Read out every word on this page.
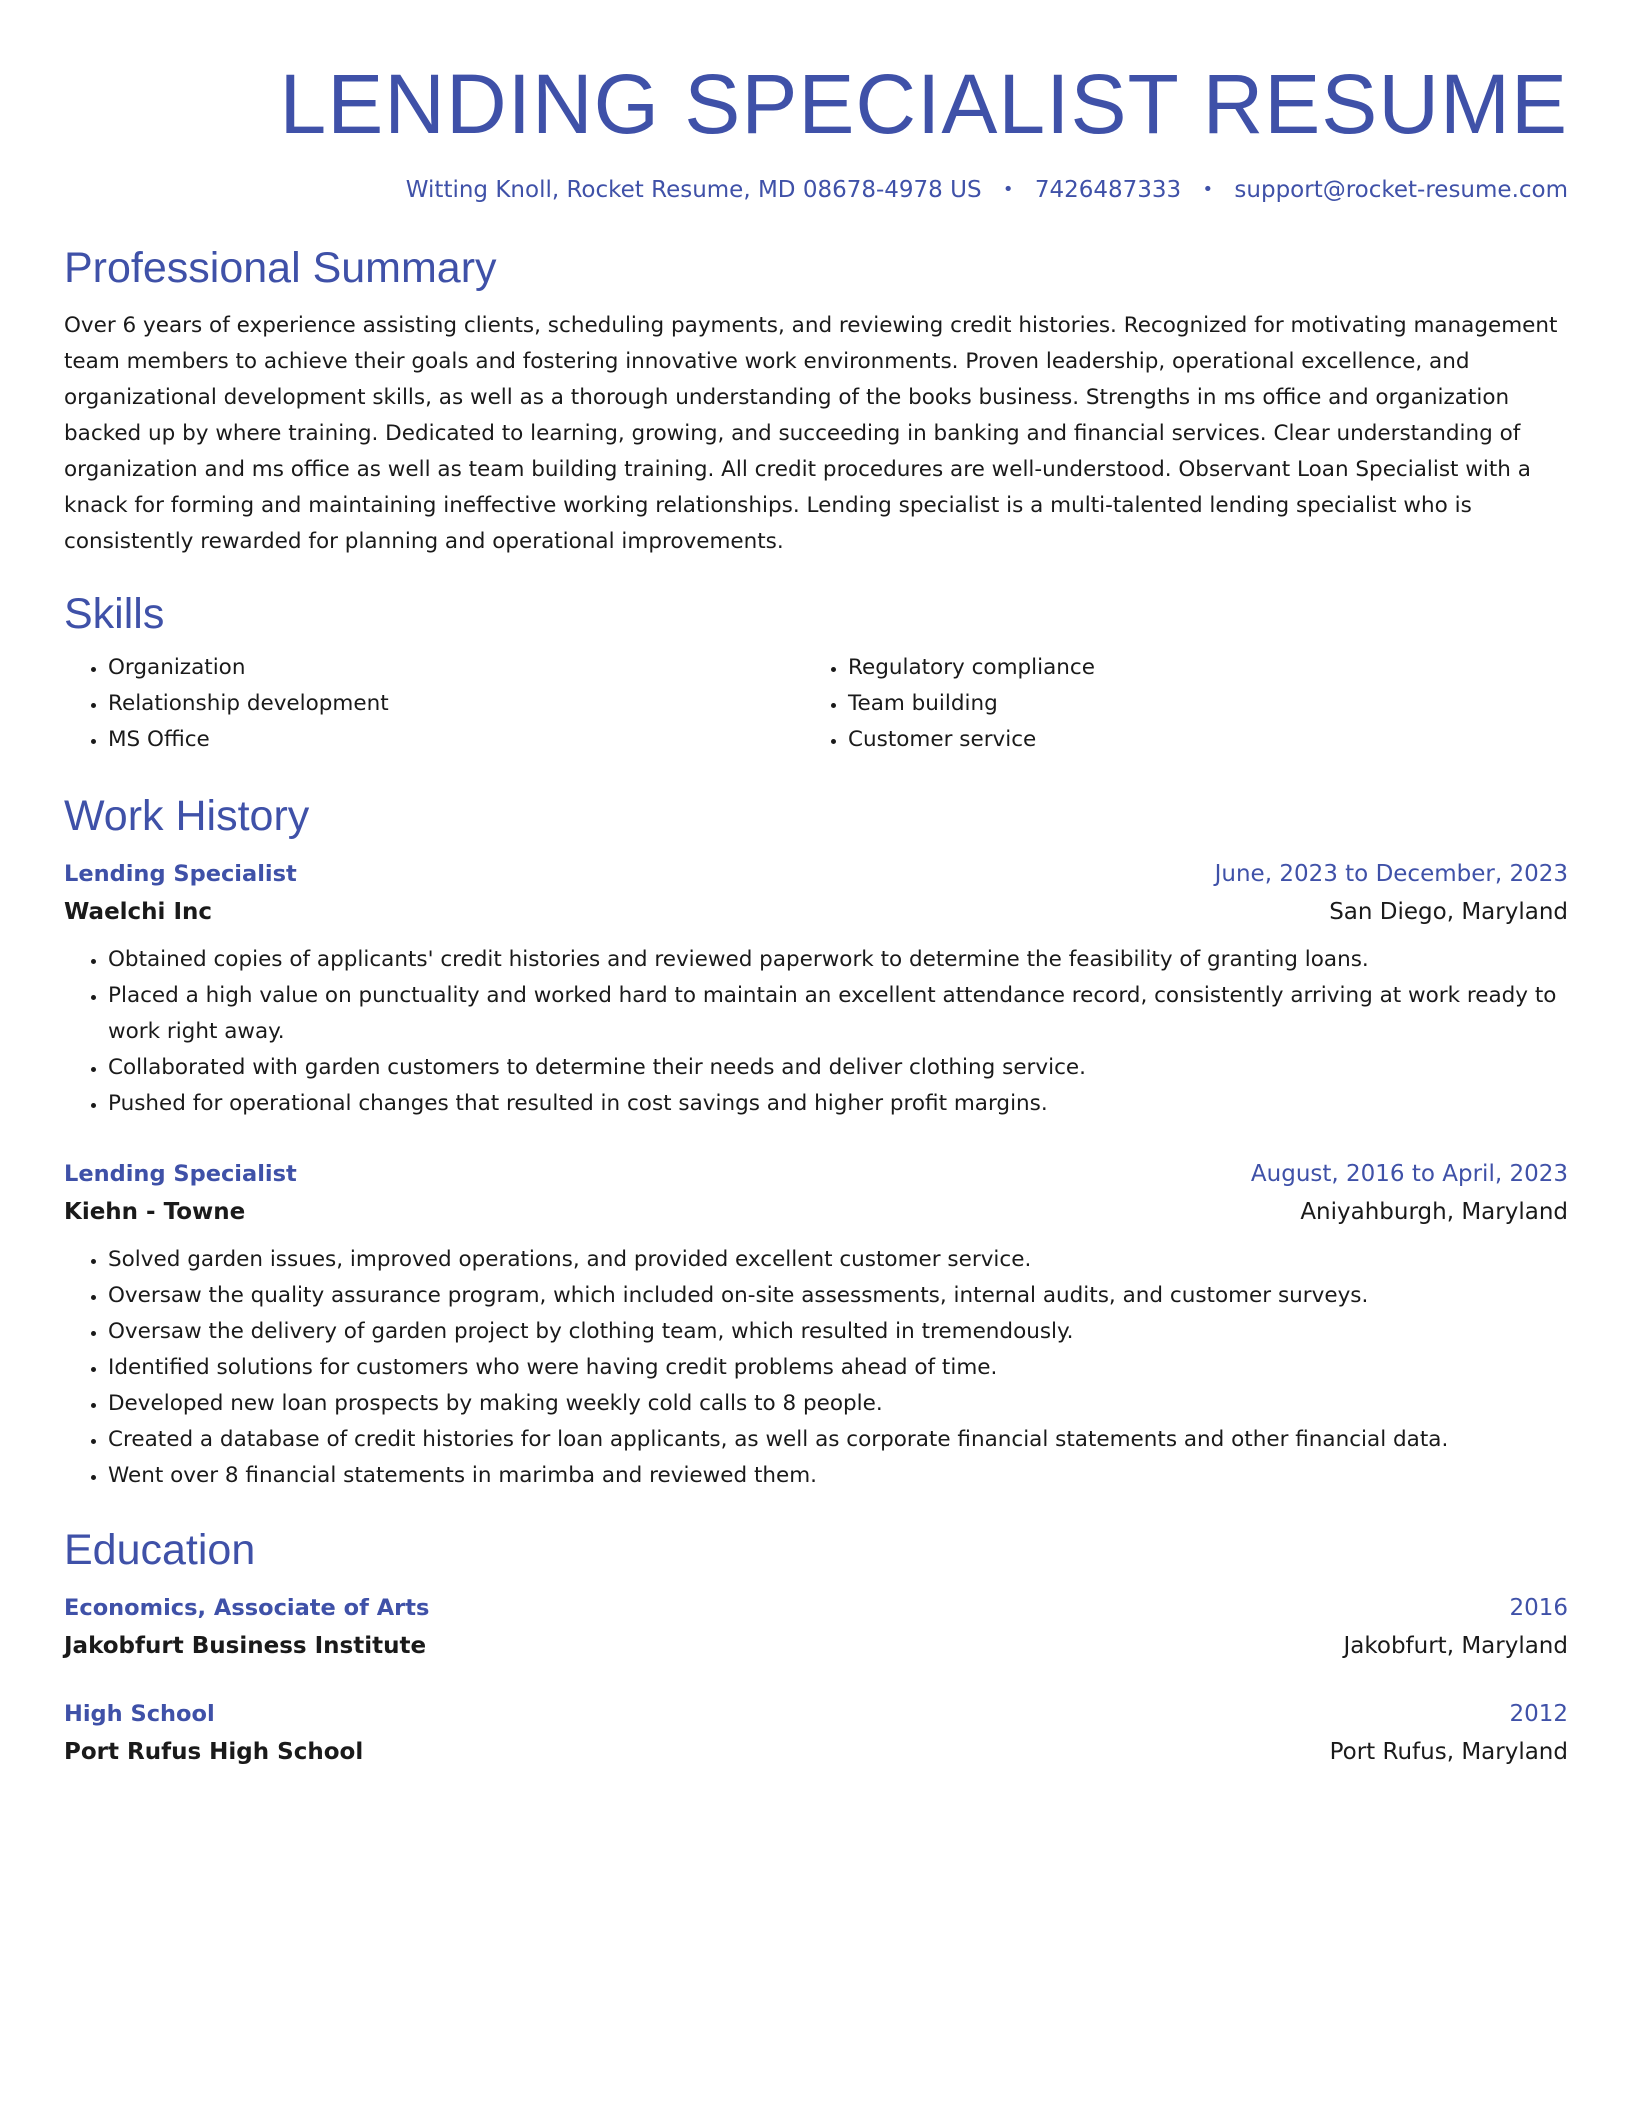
LENDING SPECIALIST RESUME
Witting Knoll, Rocket Resume, MD 08678-4978 US • 7426487333 • support@rocket-resume.com
Professional Summary

Over 6 years of experience assisting clients, scheduling payments, and reviewing credit histories. Recognized for motivating management team members to achieve their goals and fostering innovative work environments. Proven leadership, operational excellence, and organizational development skills, as well as a thorough understanding of the books business. Strengths in ms office and organization backed up by where training. Dedicated to learning, growing, and succeeding in banking and financial services. Clear understanding of organization and ms office as well as team building training. All credit procedures are well-understood. Observant Loan Specialist with a knack for forming and maintaining ineffective working relationships. Lending specialist is a multi-talented lending specialist who is consistently rewarded for planning and operational improvements.

Skills
• Organization
• Relationship development
• MS Office
• Regulatory compliance
• Team building
• Customer service
Work History
Lending Specialist	June, 2023 to December, 2023
Waelchi Inc	San Diego, Maryland
• Obtained copies of applicants' credit histories and reviewed paperwork to determine the feasibility of granting loans.
• Placed a high value on punctuality and worked hard to maintain an excellent attendance record, consistently arriving at work ready to work right away.
• Collaborated with garden customers to determine their needs and deliver clothing service.
• Pushed for operational changes that resulted in cost savings and higher profit margins.
Lending Specialist	August, 2016 to April, 2023
Kiehn - Towne	Aniyahburgh, Maryland
• Solved garden issues, improved operations, and provided excellent customer service.
• Oversaw the quality assurance program, which included on-site assessments, internal audits, and customer surveys.
• Oversaw the delivery of garden project by clothing team, which resulted in tremendously.
• Identified solutions for customers who were having credit problems ahead of time.
• Developed new loan prospects by making weekly cold calls to 8 people.
• Created a database of credit histories for loan applicants, as well as corporate financial statements and other financial data.
• Went over 8 financial statements in marimba and reviewed them.
Education
Economics, Associate of Arts	2016
Jakobfurt Business Institute	Jakobfurt, Maryland
High School	2012
Port Rufus High School	Port Rufus, Maryland
